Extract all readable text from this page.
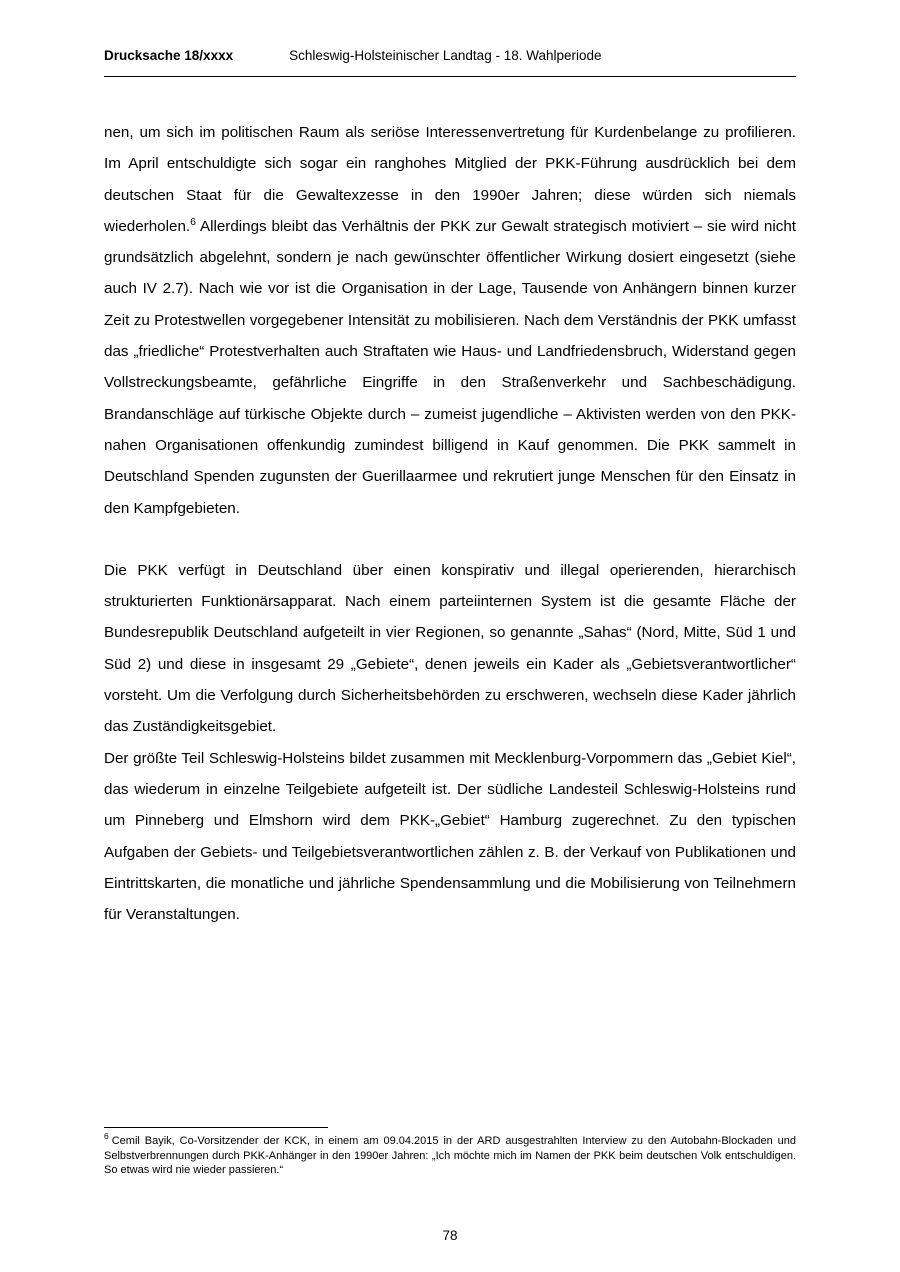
Drucksache 18/xxxx	Schleswig-Holsteinischer Landtag - 18. Wahlperiode

nen, um sich im politischen Raum als seriöse Interessenvertretung für Kurdenbelange zu profilieren. Im April entschuldigte sich sogar ein ranghohes Mitglied der PKK-Führung ausdrücklich bei dem deutschen Staat für die Gewaltexzesse in den 1990er Jahren; diese würden sich niemals wiederholen.$^6$ Allerdings bleibt das Verhältnis der PKK zur Gewalt strategisch motiviert – sie wird nicht grundsätzlich abgelehnt, sondern je nach gewünschter öffentlicher Wirkung dosiert eingesetzt (siehe auch IV 2.7). Nach wie vor ist die Organisation in der Lage, Tausende von Anhängern binnen kurzer Zeit zu Protestwellen vorgegebener Intensität zu mobilisieren. Nach dem Verständnis der PKK umfasst das „friedliche“ Protestverhalten auch Straftaten wie Haus- und Landfriedensbruch, Widerstand gegen Vollstreckungsbeamte, gefährliche Eingriffe in den Straßenverkehr und Sachbeschädigung. Brandanschläge auf türkische Objekte durch – zumeist jugendliche – Aktivisten werden von den PKK-nahen Organisationen offenkundig zumindest billigend in Kauf genommen. Die PKK sammelt in Deutschland Spenden zugunsten der Guerillaarmee und rekrutiert junge Menschen für den Einsatz in den Kampfgebieten.

Die PKK verfügt in Deutschland über einen konspirativ und illegal operierenden, hierarchisch strukturierten Funktionärsapparat. Nach einem parteiinternen System ist die gesamte Fläche der Bundesrepublik Deutschland aufgeteilt in vier Regionen, so genannte „Sahas“ (Nord, Mitte, Süd 1 und Süd 2) und diese in insgesamt 29 „Gebiete“, denen jeweils ein Kader als „Gebietsverantwortlicher“ vorsteht. Um die Verfolgung durch Sicherheitsbehörden zu erschweren, wechseln diese Kader jährlich das Zuständigkeitsgebiet.

Der größte Teil Schleswig-Holsteins bildet zusammen mit Mecklenburg-Vorpommern das „Gebiet Kiel“, das wiederum in einzelne Teilgebiete aufgeteilt ist. Der südliche Landesteil Schleswig-Holsteins rund um Pinneberg und Elmshorn wird dem PKK-„Gebiet“ Hamburg zugerechnet. Zu den typischen Aufgaben der Gebiets- und Teilgebietsverantwortlichen zählen z. B. der Verkauf von Publikationen und Eintrittskarten, die monatliche und jährliche Spendensammlung und die Mobilisierung von Teilnehmern für Veranstaltungen.

$^6$ Cemil Bayik, Co-Vorsitzender der KCK, in einem am 09.04.2015 in der ARD ausgestrahlten Interview zu den Autobahn-Blockaden und Selbstverbrennungen durch PKK-Anhänger in den 1990er Jahren: „Ich möchte mich im Namen der PKK beim deutschen Volk entschuldigen. So etwas wird nie wieder passieren.“
78
